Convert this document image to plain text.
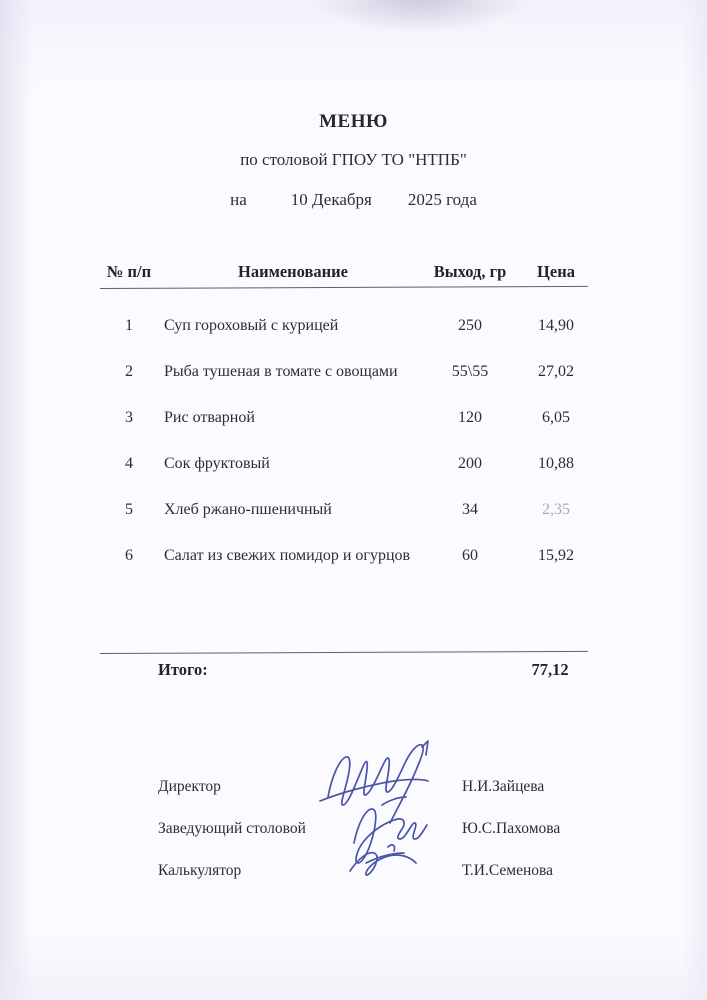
МЕНЮ
по столовой ГПОУ ТО "НТПБ"
на	10 Декабря 2025 года
№ п/п	Наименование	Выход, гр	Цена
1	Суп гороховый с курицей	250	14,90
2	Рыба тушеная в томате с овощами	55\55	27,02
3	Рис отварной	120	6,05
4	Сок фруктовый	200	10,88
5	Хлеб ржано-пшеничный	34	2,35
6	Салат из свежих помидор и огурцов	60	15,92
Итого:	77,12
Директор	Н.И.Зайцева
Заведующий столовой	Ю.С.Пахомова
Калькулятор	Т.И.Семенова
